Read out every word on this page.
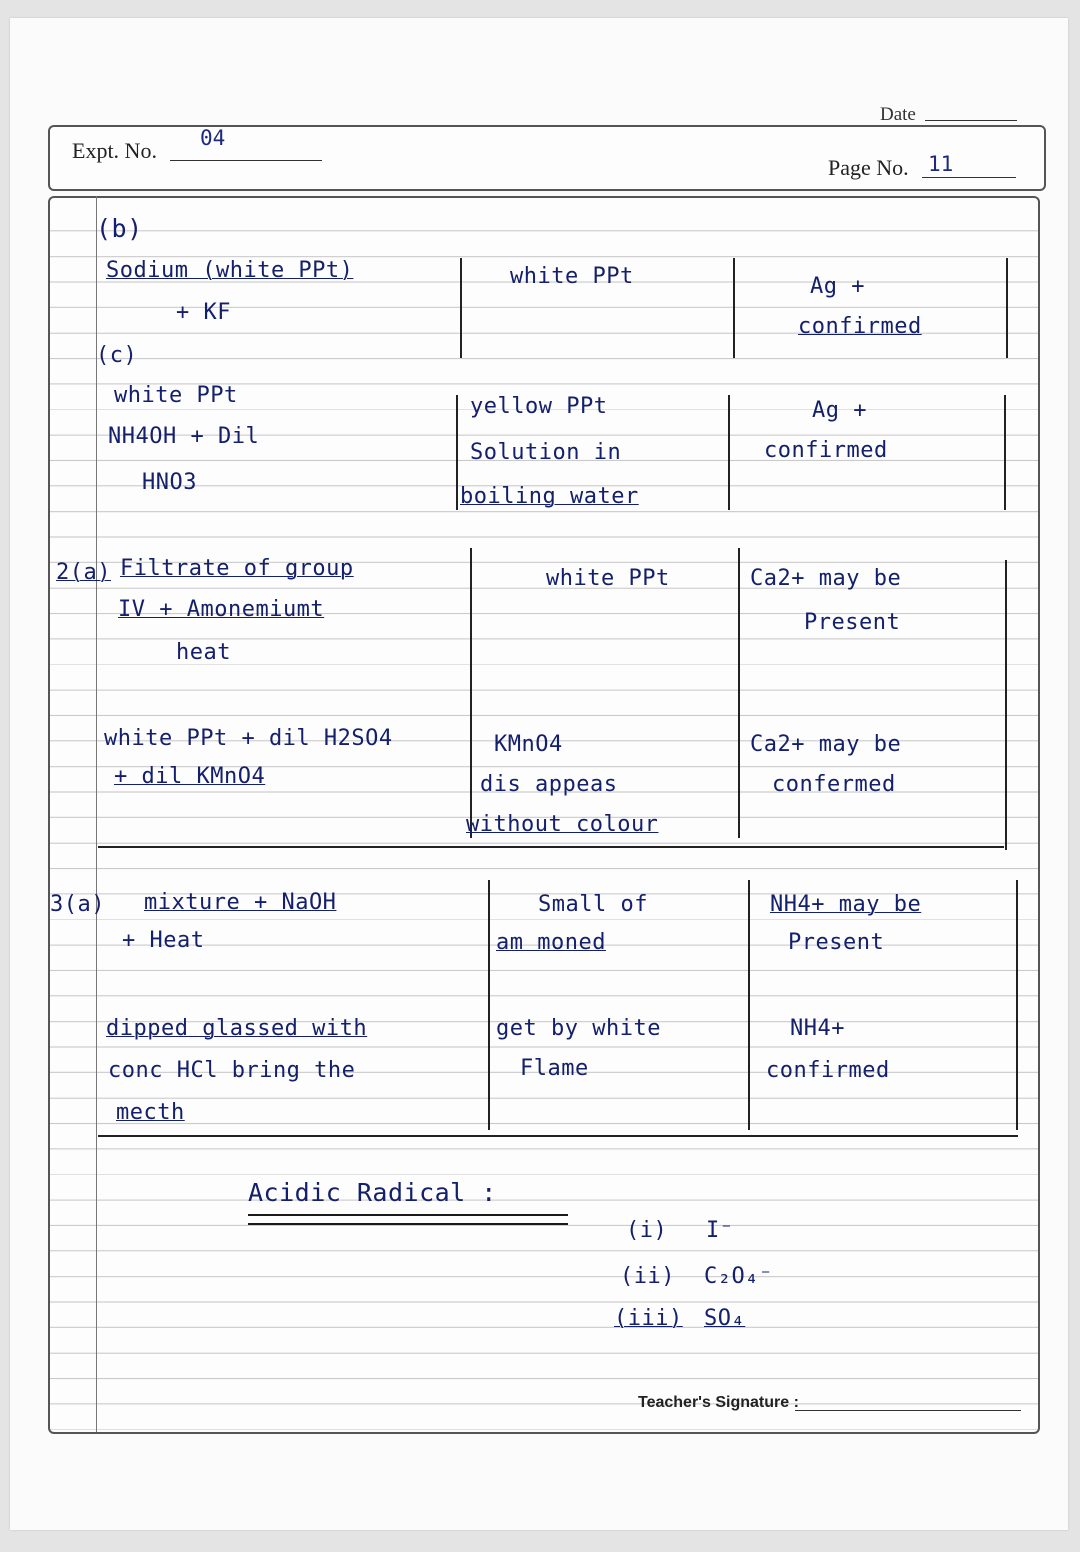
Date
Expt. No. 04
Page No. 11
(b)
Sodium (white PPt)
+ KF
white PPt	Ag +
confirmed
(c)
white PPt
NH4OH + Dil
HNO3
yellow PPt
Solution in
boiling water
Ag +
confirmed
2(a) Filtrate of group
IV + Amonemiumt
heat
white PPt	Ca2+ may be
Present
white PPt + dil H2SO4
+ dil KMnO4
KMnO4
dis appeas
without colour
Ca2+ may be
confermed
3(a) mixture + NaOH
+ Heat
Small of
am moned
NH4+ may be
Present
dipped glassed with
conc HCl bring the
mecth
get by white
Flame
NH4+
confirmed
Acidic Radical :
(i) I⁻
(ii) C₂O₄⁻
(iii) SO₄
Teacher's Signature :
